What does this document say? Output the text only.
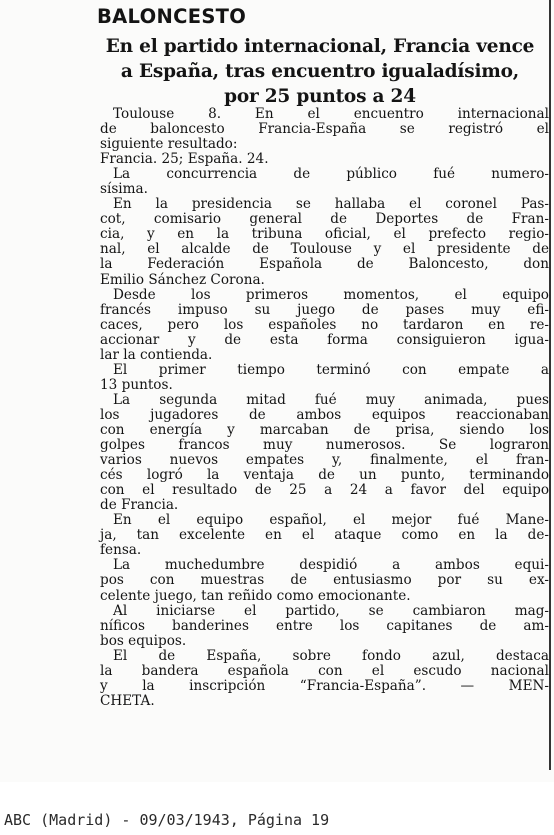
BALONCESTO
En el partido internacional, Francia vence
a España, tras encuentro igualadísimo,
por 25 puntos a 24
Toulouse 8. En el encuentro internacional
de baloncesto Francia-España se registró el
siguiente resultado:
Francia. 25; España. 24.
La concurrencia de público fué numero-
sísima.
En la presidencia se hallaba el coronel Pas-
cot, comisario general de Deportes de Fran-
cia, y en la tribuna oficial, el prefecto regio-
nal, el alcalde de Toulouse y el presidente de
la Federación Española de Baloncesto, don
Emilio Sánchez Corona.
Desde los primeros momentos, el equipo
francés impuso su juego de pases muy efi-
caces, pero los españoles no tardaron en re-
accionar y de esta forma consiguieron igua-
lar la contienda.
El primer tiempo terminó con empate a
13 puntos.
La segunda mitad fué muy animada, pues
los jugadores de ambos equipos reaccionaban
con energía y marcaban de prisa, siendo los
golpes francos muy numerosos. Se lograron
varios nuevos empates y, finalmente, el fran-
cés logró la ventaja de un punto, terminando
con el resultado de 25 a 24 a favor del equipo
de Francia.
En el equipo español, el mejor fué Mane-
ja, tan excelente en el ataque como en la de-
fensa.
La muchedumbre despidió a ambos equi-
pos con muestras de entusiasmo por su ex-
celente juego, tan reñido como emocionante.
Al iniciarse el partido, se cambiaron mag-
níficos banderines entre los capitanes de am-
bos equipos.
El de España, sobre fondo azul, destaca
la bandera española con el escudo nacional
y la inscripción “Francia-España”. — MEN-
CHETA.
ABC (Madrid) - 09/03/1943, Página 19
